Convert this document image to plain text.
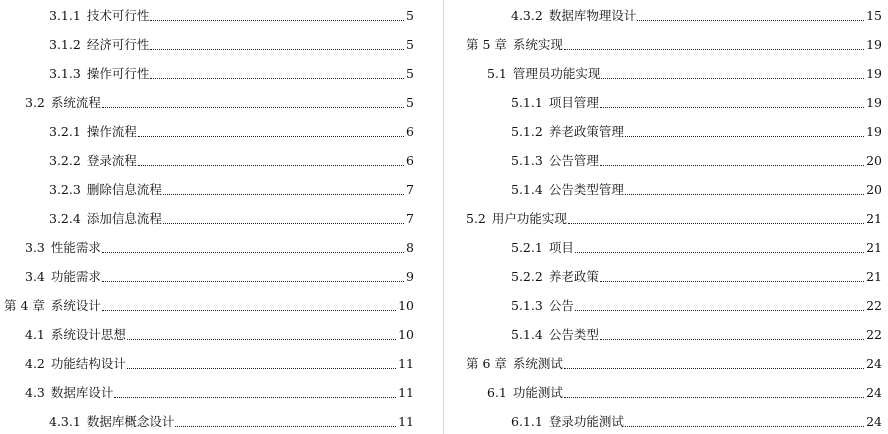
3.1.1 技术可行性	5
3.1.2 经济可行性	5
3.1.3 操作可行性	5
3.2 系统流程	5
3.2.1 操作流程	6
3.2.2 登录流程	6
3.2.3 删除信息流程	7
3.2.4 添加信息流程	7
3.3 性能需求	8
3.4 功能需求	9
第 4 章 系统设计	10
4.1 系统设计思想	10
4.2 功能结构设计	11
4.3 数据库设计	11
4.3.1 数据库概念设计	11
4.3.2 数据库物理设计	15
第 5 章 系统实现	19
5.1 管理员功能实现	19
5.1.1 项目管理	19
5.1.2 养老政策管理	19
5.1.3 公告管理	20
5.1.4 公告类型管理	20
5.2 用户功能实现	21
5.2.1 项目	21
5.2.2 养老政策	21
5.1.3 公告	22
5.1.4 公告类型	22
第 6 章 系统测试	24
6.1 功能测试	24
6.1.1 登录功能测试	24
